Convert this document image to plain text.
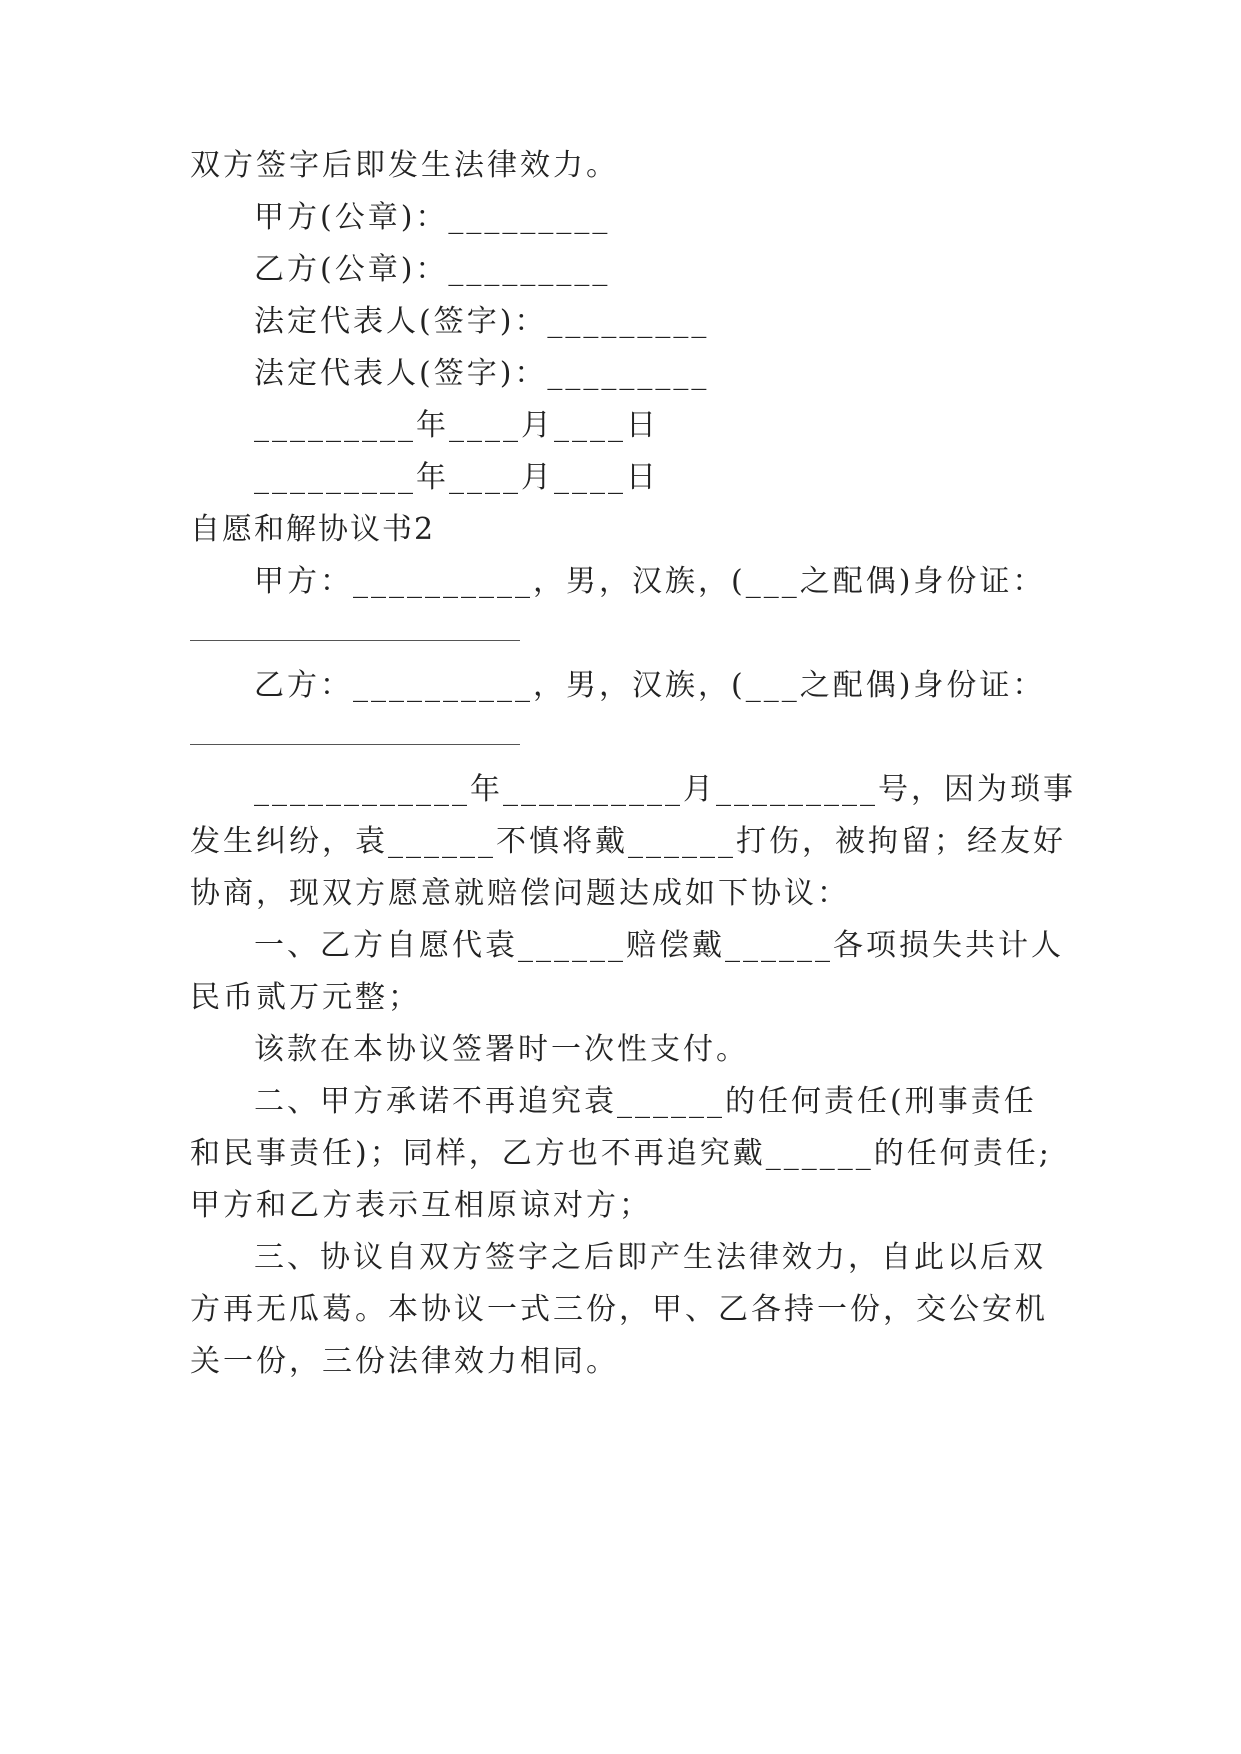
双方签字后即发生法律效力。
甲方(公章)：_________
乙方(公章)：_________
法定代表人(签字)：_________
法定代表人(签字)：_________
_________年____月____日
_________年____月____日
自愿和解协议书2
甲方：__________，男，汉族，(___之配偶)身份证：
乙方：__________，男，汉族，(___之配偶)身份证：
____________年__________月_________号，因为琐事
发生纠纷，袁______不慎将戴______打伤，被拘留；经友好
协商，现双方愿意就赔偿问题达成如下协议：
一、乙方自愿代袁______赔偿戴______各项损失共计人
民币贰万元整；
该款在本协议签署时一次性支付。
二、甲方承诺不再追究袁______的任何责任(刑事责任
和民事责任)；同样，乙方也不再追究戴______的任何责任;
甲方和乙方表示互相原谅对方；
三、协议自双方签字之后即产生法律效力，自此以后双
方再无瓜葛。本协议一式三份，甲、乙各持一份，交公安机
关一份，三份法律效力相同。
